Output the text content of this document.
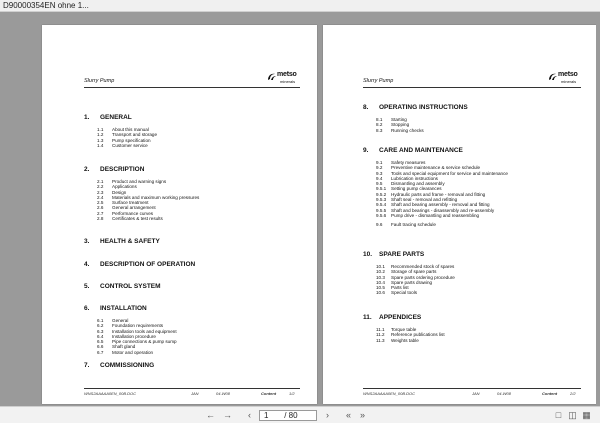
D90000354EN ohne 1...
Slurry Pump
metso
minerals
1.	GENERAL
1.1	About this manual
1.2	Transport and storage
1.3	Pump specification
1.4	Customer service
2.	DESCRIPTION
2.1	Product and warning signs
2.2	Applications
2.3	Design
2.4	Materials and maximum working pressures
2.5	Surface treatment
2.6	General arrangement
2.7	Performance curves
2.8	Certificates & test results
3.	HEALTH & SAFETY
4.	DESCRIPTION OF OPERATION
5.	CONTROL SYSTEM
6.	INSTALLATION
6.1	General
6.2	Foundation requirements
6.3	Installation tools and equipment
6.4	Installation procedure
6.5	Pipe connections & pump sump
6.6	Shaft gland
6.7	Motor and operation
7.	COMMISSIONING
WNS2AAAAA0EN_00B.DOC	JAN	04-W08	Content	1/2
Slurry Pump
metso
minerals
8.	OPERATING INSTRUCTIONS
8.1	Starting
8.2	Stopping
8.3	Running checks
9.	CARE AND MAINTENANCE
9.1	Safety measures
9.2	Preventive maintenance & service schedule
9.3	Tools and special equipment for service and maintenance
9.4	Lubrication instructions
9.5	Dismantling and assembly
9.5.1	Setting pump clearances
9.5.2	Hydraulic parts and frame - removal and fitting
9.5.3	Shaft seal - removal and refitting
9.5.4	Shaft and bearing assembly - removal and fitting
9.5.5	Shaft and bearings - disassembly and re-assembly
9.5.6	Pump drive - dismantling and reassembling
9.6	Fault tracing schedule
10.	SPARE PARTS
10.1	Recommended stock of spares
10.2	Storage of spare parts
10.3	Spare parts ordering procedure
10.4	Spare parts drawing
10.5	Parts list
10.6	Special tools
11.	APPENDICES
11.1	Torque table
11.2	Reference publications list
11.3	Weights table
WNS2AAAAA0EN_00B.DOC	JAN	04-W08	Content	2/2
← →	‹
1	/ 80	›	« »	□ ◫ ▦
